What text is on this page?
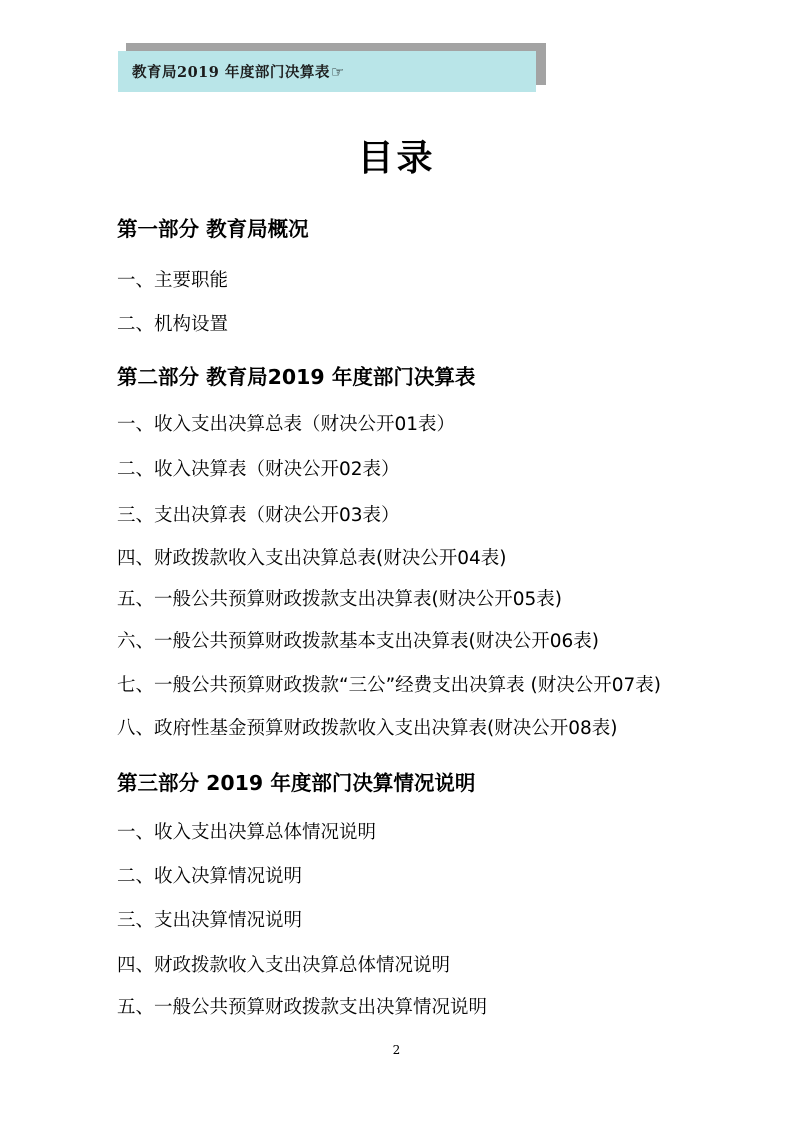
教育局2019 年度部门决算表 ☞
目录
第一部分 教育局概况
一、主要职能
二、机构设置
第二部分 教育局2019 年度部门决算表
一、收入支出决算总表（财决公开01表）
二、收入决算表（财决公开02表）
三、支出决算表（财决公开03表）
四、财政拨款收入支出决算总表(财决公开04表)
五、一般公共预算财政拨款支出决算表(财决公开05表)
六、一般公共预算财政拨款基本支出决算表(财决公开06表)
七、一般公共预算财政拨款“三公”经费支出决算表 (财决公开07表)
八、政府性基金预算财政拨款收入支出决算表(财决公开08表)
第三部分 2019 年度部门决算情况说明
一、收入支出决算总体情况说明
二、收入决算情况说明
三、支出决算情况说明
四、财政拨款收入支出决算总体情况说明
五、一般公共预算财政拨款支出决算情况说明
2
